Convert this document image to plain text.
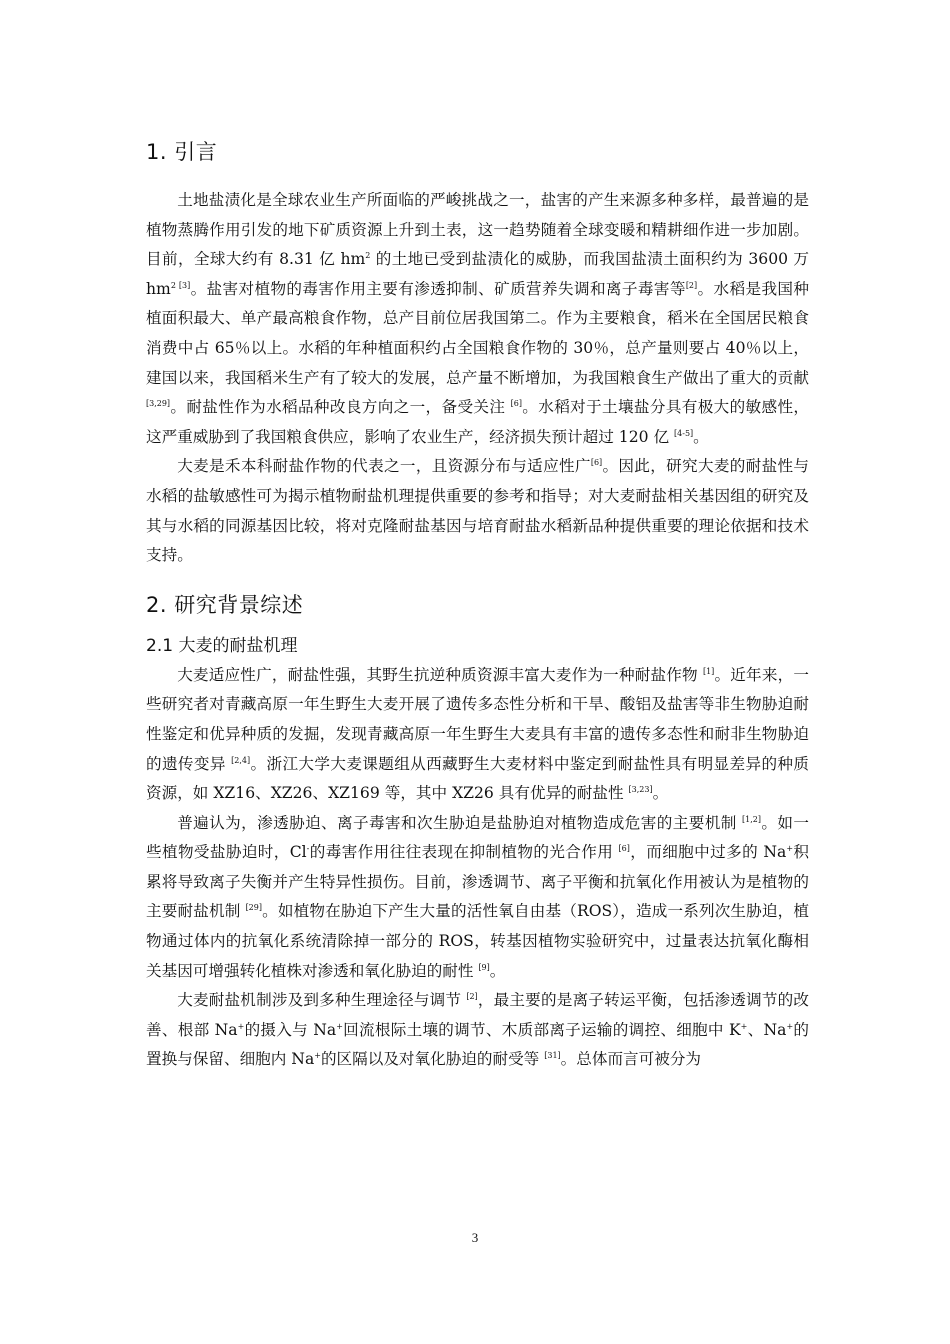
1. 引言

土地盐渍化是全球农业生产所面临的严峻挑战之一，盐害的产生来源多种多样，最普遍的是植物蒸腾作用引发的地下矿质资源上升到土表，这一趋势随着全球变暖和精耕细作进一步加剧。目前，全球大约有 8.31 亿 $hm^2$ 的土地已受到盐渍化的威胁，而我国盐渍土面积约为 3600 万 $hm^{2 [3]}$。盐害对植物的毒害作用主要有渗透抑制、矿质营养失调和离子毒害等[2]。水稻是我国种植面积最大、单产最高粮食作物，总产目前位居我国第二。作为主要粮食，稻米在全国居民粮食消费中占 65％以上。水稻的年种植面积约占全国粮食作物的 30％，总产量则要占 40％以上，建国以来，我国稻米生产有了较大的发展，总产量不断增加，为我国粮食生产做出了重大的贡献 [3,29]。耐盐性作为水稻品种改良方向之一，备受关注 [6]。水稻对于土壤盐分具有极大的敏感性，这严重威胁到了我国粮食供应，影响了农业生产，经济损失预计超过 120 亿 [4-5]。

大麦是禾本科耐盐作物的代表之一，且资源分布与适应性广[6]。因此，研究大麦的耐盐性与水稻的盐敏感性可为揭示植物耐盐机理提供重要的参考和指导；对大麦耐盐相关基因组的研究及其与水稻的同源基因比较，将对克隆耐盐基因与培育耐盐水稻新品种提供重要的理论依据和技术支持。

2. 研究背景综述
2.1 大麦的耐盐机理

大麦适应性广，耐盐性强，其野生抗逆种质资源丰富大麦作为一种耐盐作物 [1]。近年来，一些研究者对青藏高原一年生野生大麦开展了遗传多态性分析和干旱、酸铝及盐害等非生物胁迫耐性鉴定和优异种质的发掘，发现青藏高原一年生野生大麦具有丰富的遗传多态性和耐非生物胁迫的遗传变异 [2,4]。浙江大学大麦课题组从西藏野生大麦材料中鉴定到耐盐性具有明显差异的种质资源，如 XZ16、XZ26、XZ169 等，其中 XZ26 具有优异的耐盐性 [3,23]。

普遍认为，渗透胁迫、离子毒害和次生胁迫是盐胁迫对植物造成危害的主要机制 [1,2]。如一些植物受盐胁迫时，Cl-的毒害作用往往表现在抑制植物的光合作用 [6]，而细胞中过多的 Na+积累将导致离子失衡并产生特异性损伤。目前，渗透调节、离子平衡和抗氧化作用被认为是植物的主要耐盐机制 [29]。如植物在胁迫下产生大量的活性氧自由基（ROS），造成一系列次生胁迫，植物通过体内的抗氧化系统清除掉一部分的 ROS，转基因植物实验研究中，过量表达抗氧化酶相关基因可增强转化植株对渗透和氧化胁迫的耐性 [9]。

大麦耐盐机制涉及到多种生理途径与调节 [2]，最主要的是离子转运平衡，包括渗透调节的改善、根部 Na+的摄入与 Na+回流根际土壤的调节、木质部离子运输的调控、细胞中 K+、Na+的置换与保留、细胞内 Na+的区隔以及对氧化胁迫的耐受等 [31]。总体而言可被分为

3
